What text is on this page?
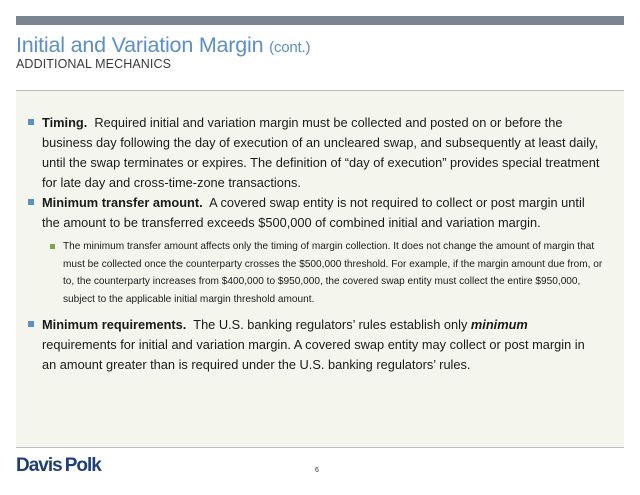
Initial and Variation Margin (cont.)
ADDITIONAL MECHANICS
Timing. Required initial and variation margin must be collected and posted on or before the business day following the day of execution of an uncleared swap, and subsequently at least daily, until the swap terminates or expires. The definition of “day of execution” provides special treatment for late day and cross-time-zone transactions.
Minimum transfer amount. A covered swap entity is not required to collect or post margin until the amount to be transferred exceeds $500,000 of combined initial and variation margin.
The minimum transfer amount affects only the timing of margin collection. It does not change the amount of margin that must be collected once the counterparty crosses the $500,000 threshold. For example, if the margin amount due from, or to, the counterparty increases from $400,000 to $950,000, the covered swap entity must collect the entire $950,000, subject to the applicable initial margin threshold amount.
Minimum requirements. The U.S. banking regulators’ rules establish only minimum requirements for initial and variation margin. A covered swap entity may collect or post margin in an amount greater than is required under the U.S. banking regulators’ rules.
Davis Polk	6
